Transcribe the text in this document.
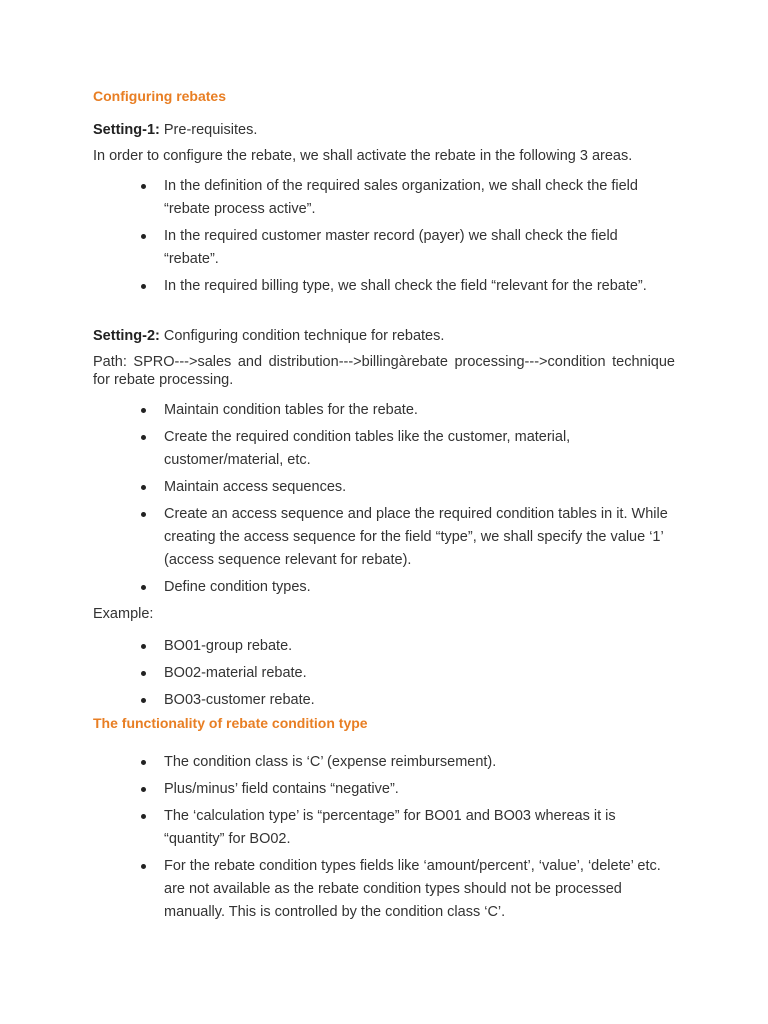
Configuring rebates

Setting-1: Pre-requisites.

In order to configure the rebate, we shall activate the rebate in the following 3 areas.

In the definition of the required sales organization, we shall check the field “rebate process active”.
In the required customer master record (payer) we shall check the field “rebate”.
In the required billing type, we shall check the field “relevant for the rebate”.

Setting-2: Configuring condition technique for rebates.

Path: SPRO--->sales and distribution--->billingàrebate processing--->condition technique for rebate processing.

Maintain condition tables for the rebate.
Create the required condition tables like the customer, material, customer/material, etc.
Maintain access sequences.
Create an access sequence and place the required condition tables in it. While creating the access sequence for the field “type”, we shall specify the value ‘1’ (access sequence relevant for rebate).
Define condition types.

Example:

BO01-group rebate.
BO02-material rebate.
BO03-customer rebate.
The functionality of rebate condition type
The condition class is ‘C’ (expense reimbursement).
Plus/minus’ field contains “negative”.
The ‘calculation type’ is “percentage” for BO01 and BO03 whereas it is “quantity” for BO02.
For the rebate condition types fields like ‘amount/percent’, ‘value’, ‘delete’ etc. are not available as the rebate condition types should not be processed manually. This is controlled by the condition class ‘C’.
